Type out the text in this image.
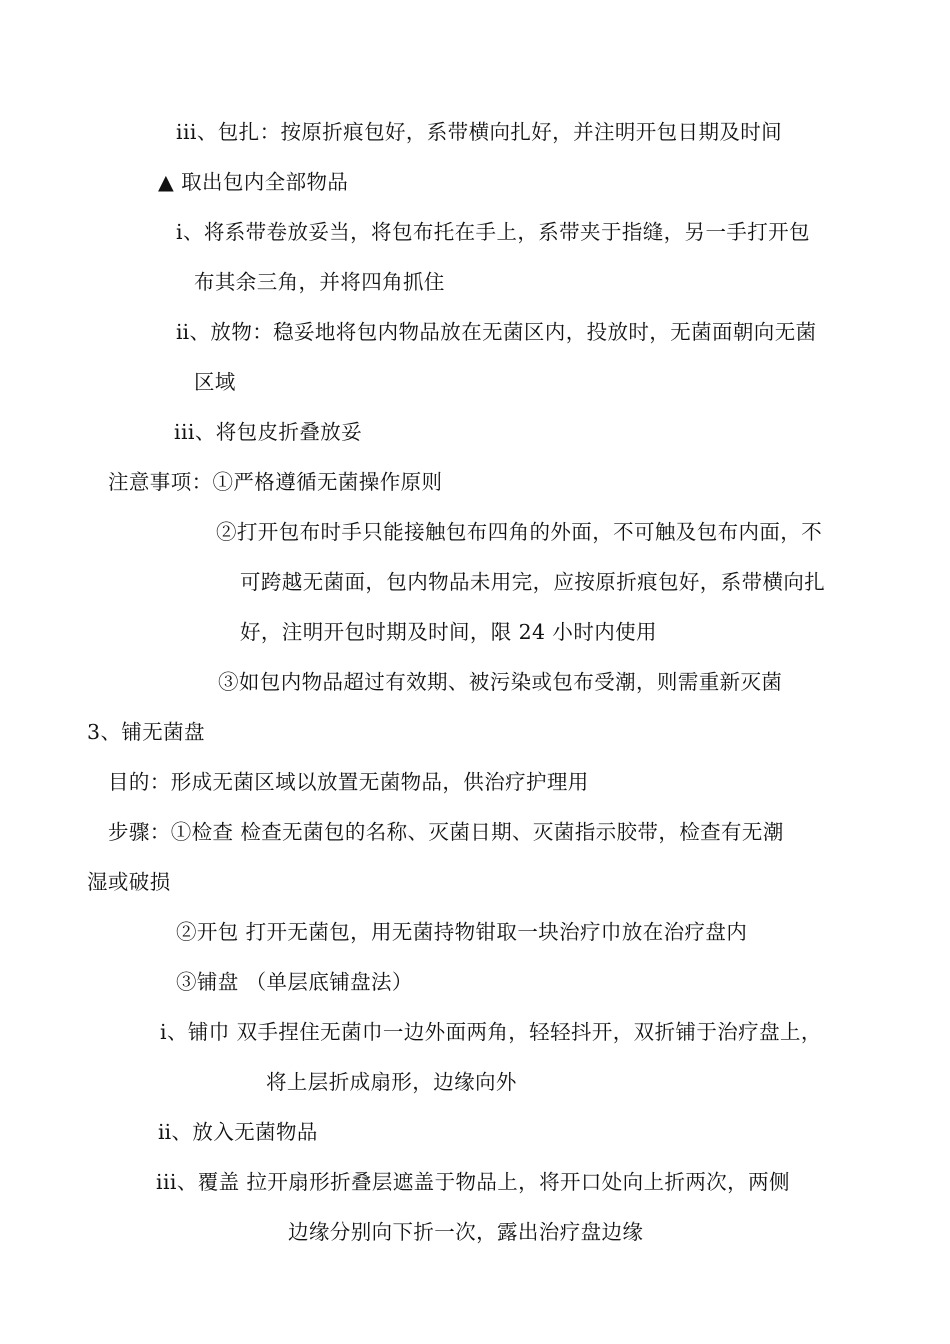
iii、包扎：按原折痕包好，系带横向扎好，并注明开包日期及时间
▲ 取出包内全部物品
ⅰ、将系带卷放妥当，将包布托在手上，系带夹于指缝，另一手打开包
布其余三角，并将四角抓住
ⅱ、放物：稳妥地将包内物品放在无菌区内，投放时，无菌面朝向无菌
区域
iii、将包皮折叠放妥
注意事项：①严格遵循无菌操作原则
②打开包布时手只能接触包布四角的外面，不可触及包布内面，不
可跨越无菌面，包内物品未用完，应按原折痕包好，系带横向扎
好，注明开包时期及时间，限 24 小时内使用
③如包内物品超过有效期、被污染或包布受潮，则需重新灭菌
3、铺无菌盘
目的：形成无菌区域以放置无菌物品，供治疗护理用
步骤：①检查 检查无菌包的名称、灭菌日期、灭菌指示胶带，检查有无潮
湿或破损
②开包 打开无菌包，用无菌持物钳取一块治疗巾放在治疗盘内
③铺盘 （单层底铺盘法）
ⅰ、铺巾 双手捏住无菌巾一边外面两角，轻轻抖开，双折铺于治疗盘上，
将上层折成扇形，边缘向外
ⅱ、放入无菌物品
iii、覆盖 拉开扇形折叠层遮盖于物品上，将开口处向上折两次，两侧
边缘分别向下折一次，露出治疗盘边缘
